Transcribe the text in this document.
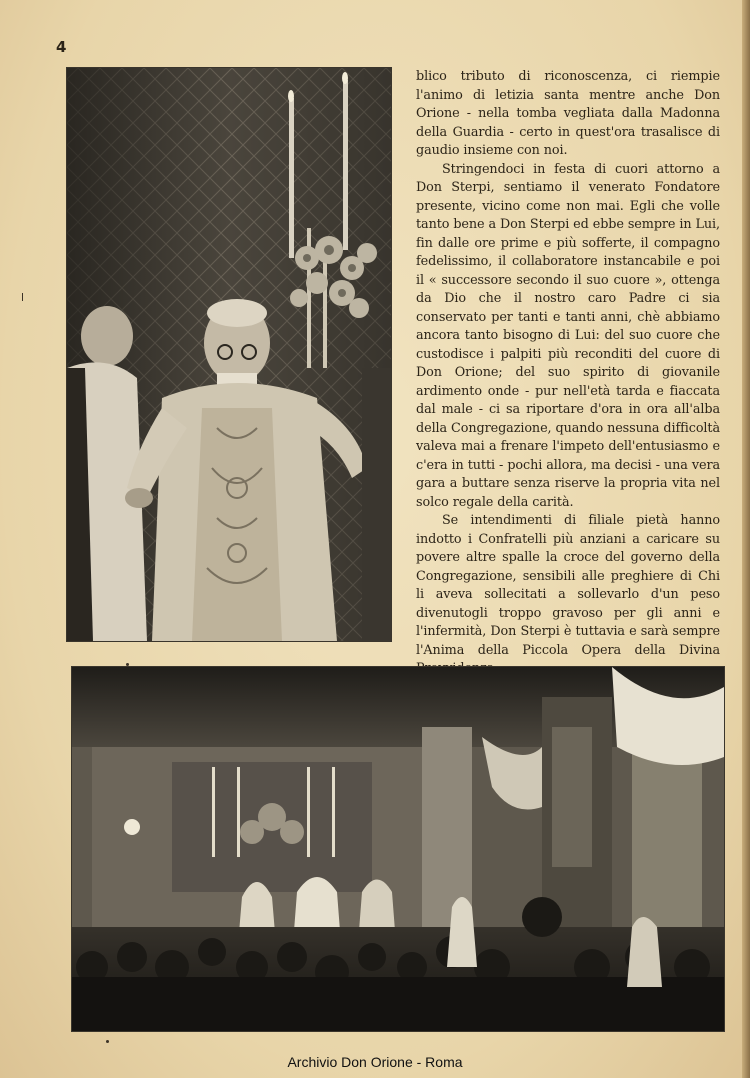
4

blico tributo di riconoscenza, ci riempie l'animo di letizia santa mentre anche Don Orione - nella tomba vegliata dalla Madonna della Guardia - certo in quest'ora trasalisce di gaudio insieme con noi.

Stringendoci in festa di cuori attorno a Don Sterpi, sentiamo il venerato Fondatore presente, vicino come non mai. Egli che volle tanto bene a Don Sterpi ed ebbe sempre in Lui, fin dalle ore prime e più sofferte, il compagno fedelissimo, il collaboratore instancabile e poi il « successore secondo il suo cuore », ottenga da Dio che il nostro caro Padre ci sia conservato per tanti e tanti anni, chè abbiamo ancora tanto bisogno di Lui: del suo cuore che custodisce i palpiti più reconditi del cuore di Don Orione; del suo spirito di giovanile ardimento onde - pur nell'età tarda e fiaccata dal male - ci sa riportare d'ora in ora all'alba della Congregazione, quando nessuna difficoltà valeva mai a frenare l'impeto dell'entusiasmo e c'era in tutti - pochi allora, ma decisi - una vera gara a buttare senza riserve la propria vita nel solco regale della carità.

Se intendimenti di filiale pietà hanno indotto i Confratelli più anziani a caricare su povere altre spalle la croce del governo della Congregazione, sensibili alle preghiere di Chi li aveva sollecitati a sollevarlo d'un peso divenutogli troppo gravoso per gli anni e l'infermità, Don Sterpi è tuttavia e sarà sempre l'Anima della Piccola Opera della Divina

Archivio Don Orione - Roma
